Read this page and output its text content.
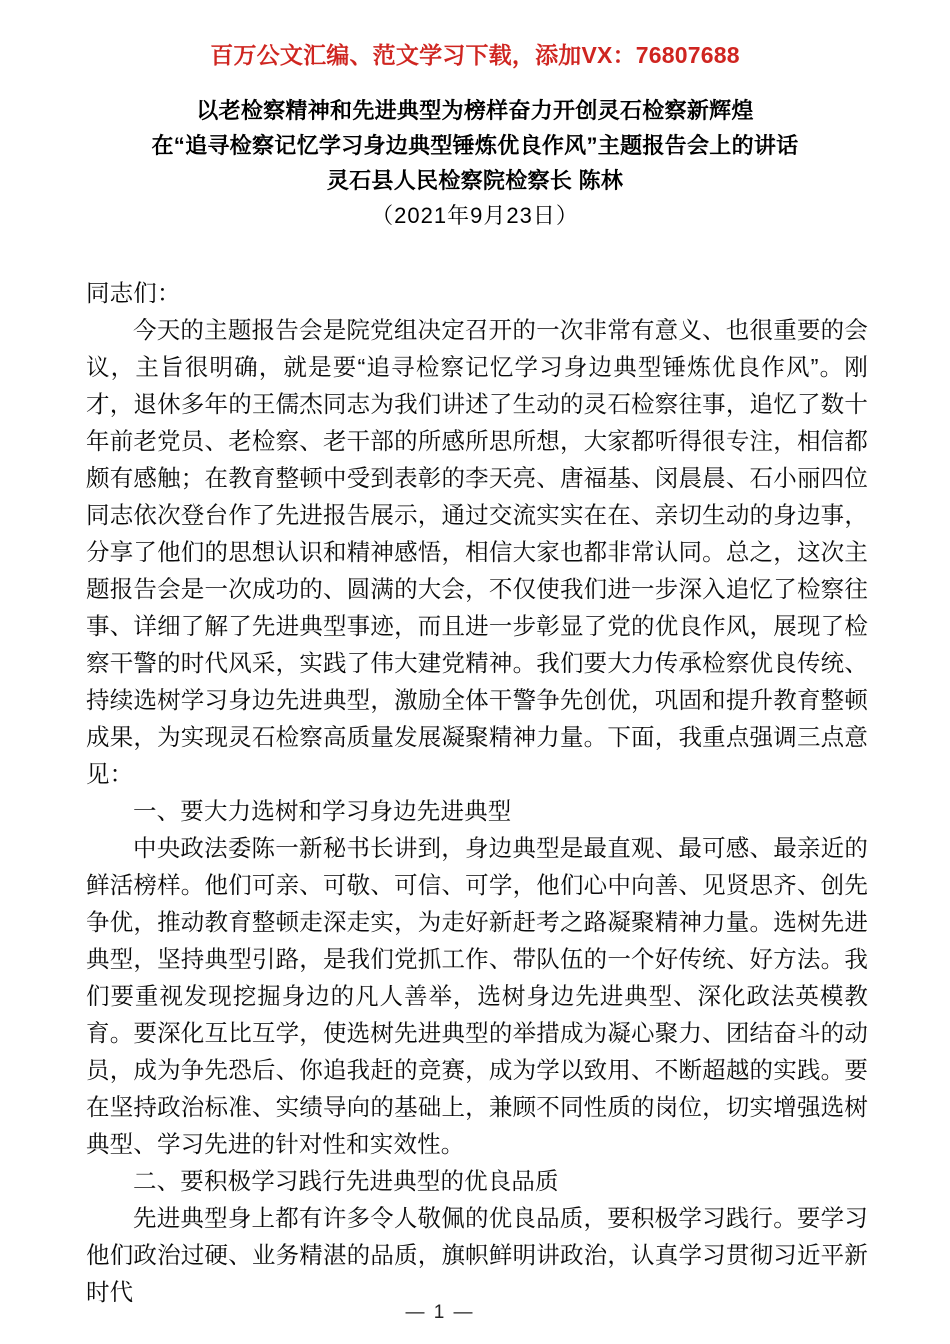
百万公文汇编、范文学习下载，添加VX：76807688
以老检察精神和先进典型为榜样奋力开创灵石检察新辉煌
在“追寻检察记忆学习身边典型锤炼优良作风”主题报告会上的讲话
灵石县人民检察院检察长 陈林
（2021年9月23日）

同志们：

今天的主题报告会是院党组决定召开的一次非常有意义、也很重要的会议，主旨很明确，就是要“追寻检察记忆学习身边典型锤炼优良作风”。刚才，退休多年的王儒杰同志为我们讲述了生动的灵石检察往事，追忆了数十年前老党员、老检察、老干部的所感所思所想，大家都听得很专注，相信都颇有感触；在教育整顿中受到表彰的李天亮、唐福基、闵晨晨、石小丽四位同志依次登台作了先进报告展示，通过交流实实在在、亲切生动的身边事，分享了他们的思想认识和精神感悟，相信大家也都非常认同。总之，这次主题报告会是一次成功的、圆满的大会，不仅使我们进一步深入追忆了检察往事、详细了解了先进典型事迹，而且进一步彰显了党的优良作风，展现了检察干警的时代风采，实践了伟大建党精神。我们要大力传承检察优良传统、持续选树学习身边先进典型，激励全体干警争先创优，巩固和提升教育整顿成果，为实现灵石检察高质量发展凝聚精神力量。下面，我重点强调三点意见：

一、要大力选树和学习身边先进典型

中央政法委陈一新秘书长讲到，身边典型是最直观、最可感、最亲近的鲜活榜样。他们可亲、可敬、可信、可学，他们心中向善、见贤思齐、创先争优，推动教育整顿走深走实，为走好新赶考之路凝聚精神力量。选树先进典型，坚持典型引路，是我们党抓工作、带队伍的一个好传统、好方法。我们要重视发现挖掘身边的凡人善举，选树身边先进典型、深化政法英模教育。要深化互比互学，使选树先进典型的举措成为凝心聚力、团结奋斗的动员，成为争先恐后、你追我赶的竞赛，成为学以致用、不断超越的实践。要在坚持政治标准、实绩导向的基础上，兼顾不同性质的岗位，切实增强选树典型、学习先进的针对性和实效性。

二、要积极学习践行先进典型的优良品质

先进典型身上都有许多令人敬佩的优良品质，要积极学习践行。要学习他们政治过硬、业务精湛的品质，旗帜鲜明讲政治，认真学习贯彻习近平新时代

— 1 —
